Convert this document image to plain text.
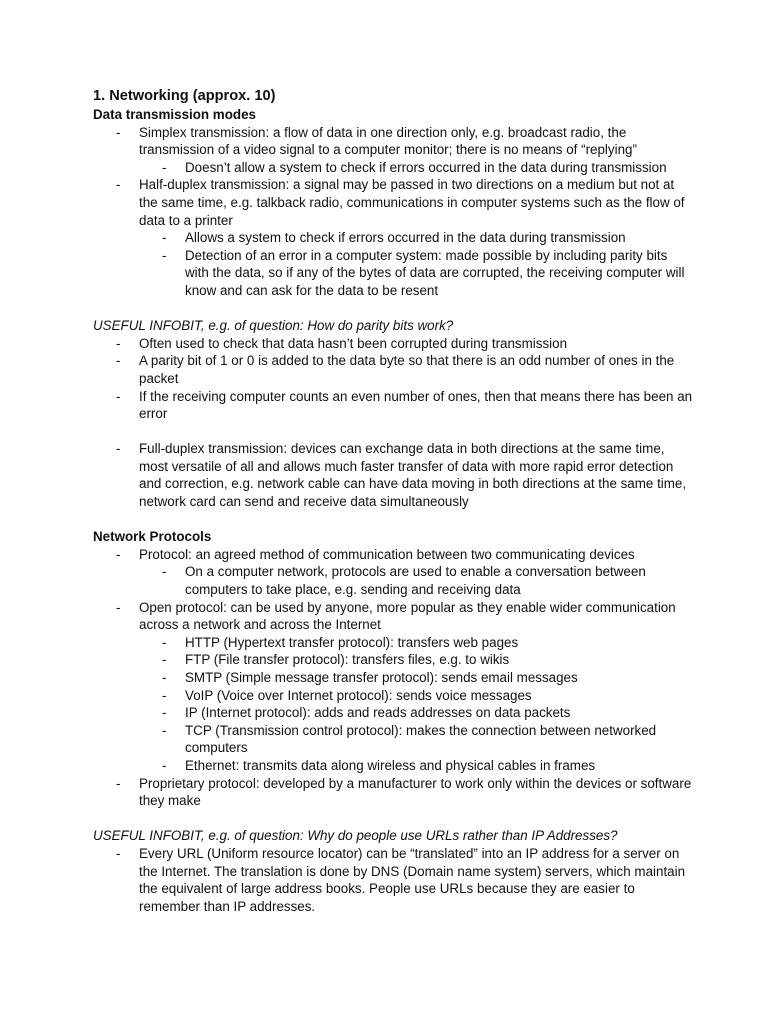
1. Networking (approx. 10)

Data transmission modes

- Simplex transmission: a flow of data in one direction only, e.g. broadcast radio, the transmission of a video signal to a computer monitor; there is no means of “replying”
- Doesn’t allow a system to check if errors occurred in the data during transmission
- Half-duplex transmission: a signal may be passed in two directions on a medium but not at the same time, e.g. talkback radio, communications in computer systems such as the flow of data to a printer
- Allows a system to check if errors occurred in the data during transmission
- Detection of an error in a computer system: made possible by including parity bits with the data, so if any of the bytes of data are corrupted, the receiving computer will know and can ask for the data to be resent

USEFUL INFOBIT, e.g. of question: How do parity bits work?

- Often used to check that data hasn’t been corrupted during transmission
- A parity bit of 1 or 0 is added to the data byte so that there is an odd number of ones in the packet
- If the receiving computer counts an even number of ones, then that means there has been an error
- Full-duplex transmission: devices can exchange data in both directions at the same time, most versatile of all and allows much faster transfer of data with more rapid error detection and correction, e.g. network cable can have data moving in both directions at the same time, network card can send and receive data simultaneously

Network Protocols

- Protocol: an agreed method of communication between two communicating devices
- On a computer network, protocols are used to enable a conversation between computers to take place, e.g. sending and receiving data
- Open protocol: can be used by anyone, more popular as they enable wider communication across a network and across the Internet
- HTTP (Hypertext transfer protocol): transfers web pages
- FTP (File transfer protocol): transfers files, e.g. to wikis
- SMTP (Simple message transfer protocol): sends email messages
- VoIP (Voice over Internet protocol): sends voice messages
- IP (Internet protocol): adds and reads addresses on data packets
- TCP (Transmission control protocol): makes the connection between networked computers
- Ethernet: transmits data along wireless and physical cables in frames
- Proprietary protocol: developed by a manufacturer to work only within the devices or software they make

USEFUL INFOBIT, e.g. of question: Why do people use URLs rather than IP Addresses?

- Every URL (Uniform resource locator) can be “translated” into an IP address for a server on the Internet. The translation is done by DNS (Domain name system) servers, which maintain the equivalent of large address books. People use URLs because they are easier to remember than IP addresses.
